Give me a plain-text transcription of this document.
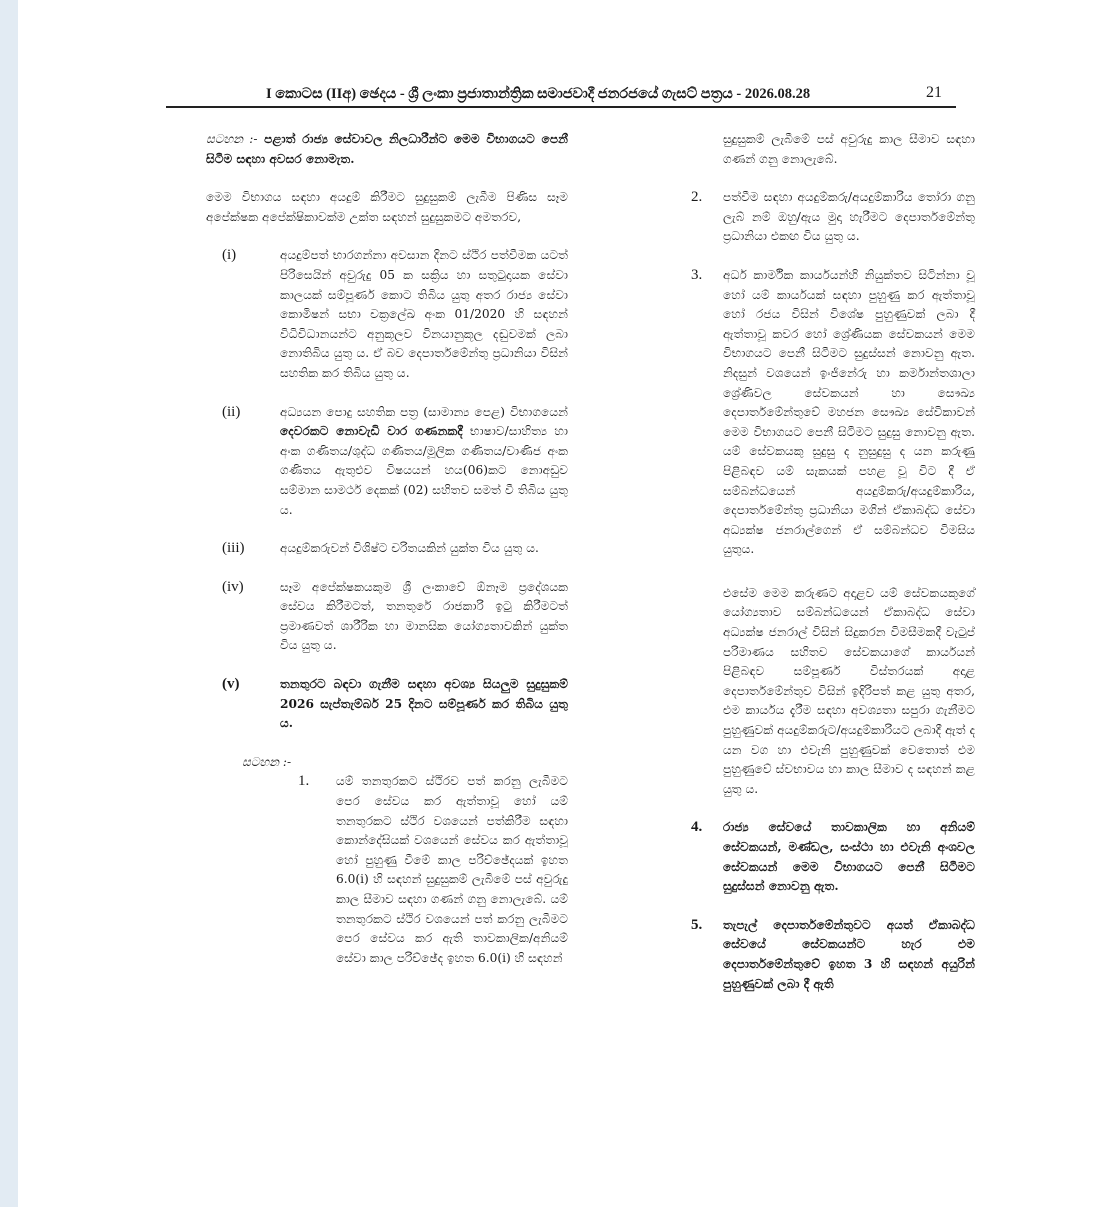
I කොටස (IIඅ) ඡෙදය - ශ්‍රී ලංකා ප්‍රජාතාන්ත්‍රික සමාජවාදී ජනරජයේ ගැසට් පත්‍රය - 2026.08.28	21

සටහන :- පළාත් රාජ්‍ය සේවාවල නිලධාරීන්ට මෙම විභාගයට පෙනී සිටීම සඳහා අවසර නොමැත.

මෙම විභාගය සඳහා අයදුම් කිරීමට සුදුසුකම් ලැබීම පිණිස සෑම අපේක්ෂක අපේක්ෂිකාවක්ම උක්ත සඳහන් සුදුසුකමට අමතරව,

(i)	අයදුම්පත් භාරගන්නා අවසාන දිනට ස්ථිර පත්වීමක යටත් පිරිසෙයින් අවුරුදු 05 ක සක්‍රිය හා සතුටුදායක සේවා කාලයක් සම්පූර්ණ කොට තිබිය යුතු අතර රාජ්‍ය සේවා කොමිෂන් සභා චක්‍රලේඛ අංක 01/2020 හි සඳහන් විධිවිධානයන්ට අනුකූලව විනයානුකූල දඬුවමක් ලබා නොතිබිය යුතු ය. ඒ බව දෙපාර්තමේන්තු ප්‍රධානියා විසින් සහතික කර තිබිය යුතු ය.
(ii)	අධ්‍යයන පොදු සහතික පත්‍ර (සාමාන්‍ය පෙළ) විභාගයෙන් දෙවරකට නොවැඩි වාර ගණනකදී භාෂාව/සාහිත්‍ය හා අංක ගණිතය/ශුද්ධ ගණිතය/මූලික ගණිතය/වාණිජ අංක ගණිතය ඇතුළුව විෂයයන් හය(06)කට නොඅඩුව සම්මාන සාමර්ථ දෙකක් (02) සහිතව සමත් වී තිබිය යුතු ය.
(iii)	අයදුම්කරුවන් විශිෂ්ට චරිතයකින් යුක්ත විය යුතු ය.
(iv)	සෑම අපේක්ෂකයකුම ශ්‍රී ලංකාවේ ඕනෑම ප්‍රදේශයක සේවය කිරීමටත්, තනතුරේ රාජකාරි ඉටු කිරීමටත් ප්‍රමාණවත් ශාරීරික හා මානසික යෝග්‍යතාවකින් යුක්ත විය යුතු ය.
(v)	තනතුරට බඳවා ගැනීම සඳහා අවශ්‍ය සියලුම සුදුසුකම් 2026 සැප්තැම්බර් 25 දිනට සම්පූර්ණ කර තිබිය යුතු ය.

සටහන :-

1. යම් තනතුරකට ස්ථිරව පත් කරනු ලැබීමට පෙර සේවය කර ඇත්තාවූ හෝ යම් තනතුරකට ස්ථිර වශයෙන් පත්කිරීම සඳහා කොන්දේසියක් වශයෙන් සේවය කර ඇත්තාවූ හෝ පුහුණු වීමේ කාල පරිච්ඡේදයක් ඉහත 6.0(i) හි සඳහන් සුදුසුකම් ලැබීමේ පස් අවුරුදු කාල සීමාව සඳහා ගණන් ගනු නොලැබේ. යම් තනතුරකට ස්ථිර වශයෙන් පත් කරනු ලැබීමට පෙර සේවය කර ඇති තාවකාලික/අනියම් සේවා කාල පරිච්ඡේද ඉහත 6.0(i) හි සඳහන්

සුදුසුකම් ලැබීමේ පස් අවුරුදු කාල සීමාව සඳහා ගණන් ගනු නොලැබේ.

2. පත්වීම සඳහා අයදුම්කරු/අයදුම්කාරිය තෝරා ගනු ලැබ් නම් ඔහු/ඇය මුදා හැරීමට දෙපාර්තමේන්තු ප්‍රධානියා එකඟ විය යුතු ය.
3. අර්ධ කාර්මික කාර්යයන්හි නියුක්තව සිටින්නා වූ හෝ යම් කාර්යයක් සඳහා පුහුණු කර ඇත්තාවූ හෝ රජය විසින් විශේෂ පුහුණුවක් ලබා දී ඇත්තාවූ කවර හෝ ශ්‍රේණියක සේවකයන් මෙම විභාගයට පෙනී සිටීමට සුදුස්සන් නොවනු ඇත. නිදසුන් වශයෙන් ඉංජිනේරු හා කර්මාන්තශාලා ශ්‍රේණිවල සේවකයන් හා සෞඛ්‍ය දෙපාර්තමේන්තුවේ මහජන සෞඛ්‍ය සේවිකාවන් මෙම විභාගයට පෙනී සිටීමට සුදුසු නොවනු ඇත. යම් සේවකයකු සුදුසු ද නුසුදුසු ද යන කරුණු පිළිබඳව යම් සැකයක් පහළ වූ විට දී ඒ සම්බන්ධයෙන් අයදුම්කරු/අයදුම්කාරිය, දෙපාර්තමේන්තු ප්‍රධානියා මගින් ඒකාබද්ධ සේවා අධ්‍යක්ෂ ජනරාල්ගෙන් ඒ සම්බන්ධව විමසිය යුතුය.

එසේම මෙම කරුණට අදාළව යම් සේවකයකුගේ යෝග්‍යතාව සම්බන්ධයෙන් ඒකාබද්ධ සේවා අධ්‍යක්ෂ ජනරාල් විසින් සිදුකරන විමසීමකදී වැටුප් පරිමාණය සහිතව සේවකයාගේ කාර්යයන් පිළිබඳව සම්පූර්ණ විස්තරයක් අදාළ දෙපාර්තමේන්තුව විසින් ඉදිරිපත් කළ යුතු අතර, එම කාර්යය දැරීම සඳහා අවශ්‍යතා සපුරා ගැනීමට පුහුණුවක් අයදුම්කරුට/අයදුම්කාරියට ලබාදී ඇත් ද යන වග හා එවැනි පුහුණුවක් වෙතොත් එම පුහුණුවේ ස්වභාවය හා කාල සීමාව ද සඳහන් කළ යුතු ය.

4. රාජ්‍ය සේවයේ තාවකාලික හා අනියම් සේවකයන්, මණ්ඩල, සංස්ථා හා එවැනි අංශවල සේවකයන් මෙම විභාගයට පෙනී සිටීමට සුදුස්සන් නොවනු ඇත.
5. තැපැල් දෙපාර්තමේන්තුවට අයත් ඒකාබද්ධ සේවයේ සේවකයන්ට හැර එම දෙපාර්තමේන්තුවේ ඉහත 3 හි සඳහන් අයුරින් පුහුණුවක් ලබා දී ඇති
